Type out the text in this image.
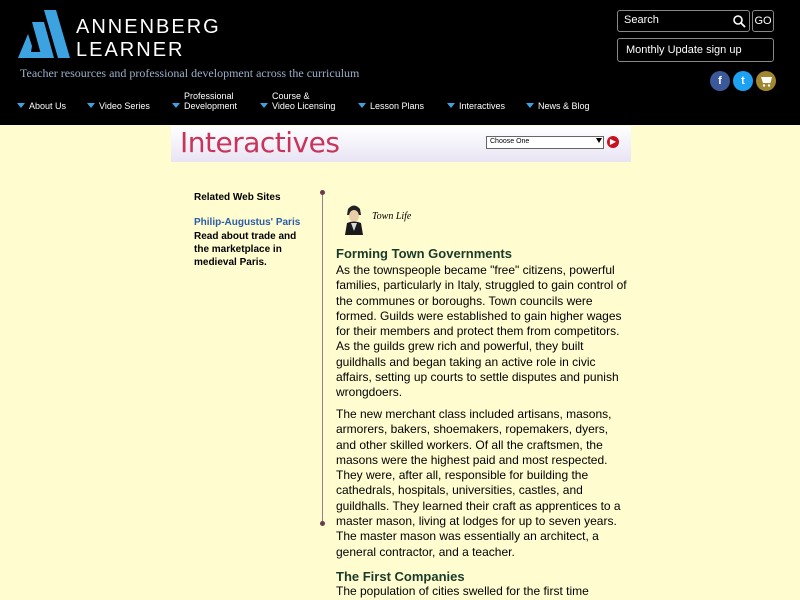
ANNENBERG
LEARNER
Teacher resources and professional development across the curriculum
Search	GO
Monthly Update sign up
f	t
About Us	Video Series
Professional
Development
Course &
Video Licensing	Lesson Plans	Interactives	News & Blog
Interactives	Choose One	▶
Related Web Sites
Philip-Augustus' Paris
Read about trade and the marketplace in medieval Paris.
Town Life
Forming Town Governments
As the townspeople became "free" citizens, powerful families, particularly in Italy, struggled to gain control of the communes or boroughs. Town councils were formed. Guilds were established to gain higher wages for their members and protect them from competitors. As the guilds grew rich and powerful, they built guildhalls and began taking an active role in civic affairs, setting up courts to settle disputes and punish wrongdoers.
The new merchant class included artisans, masons, armorers, bakers, shoemakers, ropemakers, dyers, and other skilled workers. Of all the craftsmen, the masons were the highest paid and most respected. They were, after all, responsible for building the cathedrals, hospitals, universities, castles, and guildhalls. They learned their craft as apprentices to a master mason, living at lodges for up to seven years. The master mason was essentially an architect, a general contractor, and a teacher.
The First Companies
The population of cities swelled for the first time
